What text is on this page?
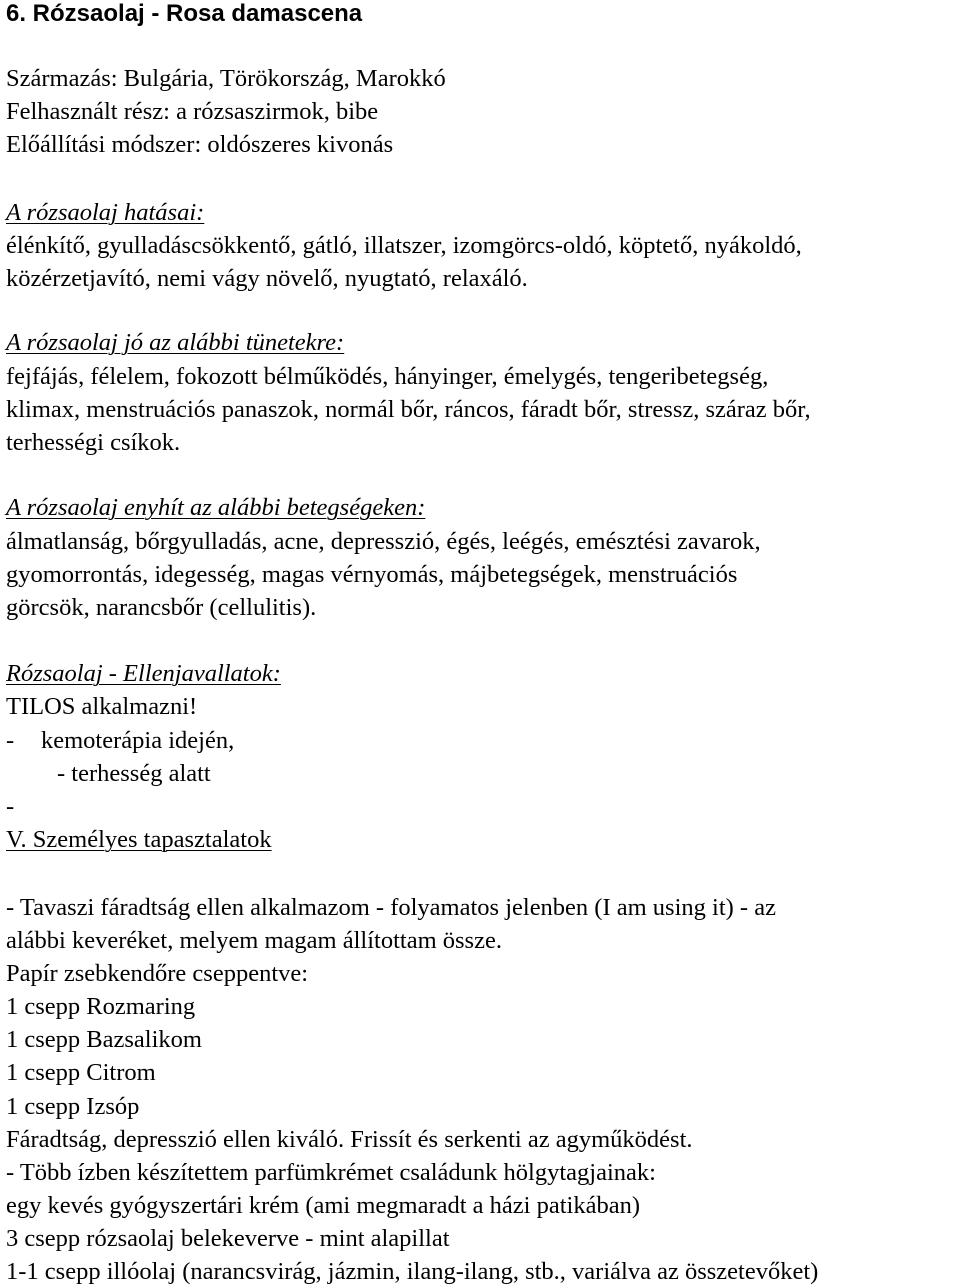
6. Rózsaolaj - Rosa damascena
Származás: Bulgária, Törökország, Marokkó
Felhasznált rész: a rózsaszirmok, bibe
Előállítási módszer: oldószeres kivonás
A rózsaolaj hatásai:
élénkítő, gyulladáscsökkentő, gátló, illatszer, izomgörcs-oldó, köptető, nyákoldó,
közérzetjavító, nemi vágy növelő, nyugtató, relaxáló.
A rózsaolaj jó az alábbi tünetekre:
fejfájás, félelem, fokozott bélműködés, hányinger, émelygés, tengeribetegség,
klimax, menstruációs panaszok, normál bőr, ráncos, fáradt bőr, stressz, száraz bőr,
terhességi csíkok.
A rózsaolaj enyhít az alábbi betegségeken:
álmatlanság, bőrgyulladás, acne, depresszió, égés, leégés, emésztési zavarok,
gyomorrontás, idegesség, magas vérnyomás, májbetegségek, menstruációs
görcsök, narancsbőr (cellulitis).
Rózsaolaj - Ellenjavallatok:
TILOS alkalmazni!
- kemoterápia idején,
- terhesség alatt
-
V. Személyes tapasztalatok
- Tavaszi fáradtság ellen alkalmazom - folyamatos jelenben (I am using it) - az
alábbi keveréket, melyem magam állítottam össze.
Papír zsebkendőre cseppentve:
1 csepp Rozmaring
1 csepp Bazsalikom
1 csepp Citrom
1 csepp Izsóp
Fáradtság, depresszió ellen kiváló. Frissít és serkenti az agyműködést.
- Több ízben készítettem parfümkrémet családunk hölgytagjainak:
egy kevés gyógyszertári krém (ami megmaradt a házi patikában)
3 csepp rózsaolaj belekeverve - mint alapillat
1-1 csepp illóolaj (narancsvirág, jázmin, ilang-ilang, stb., variálva az összetevőket)
